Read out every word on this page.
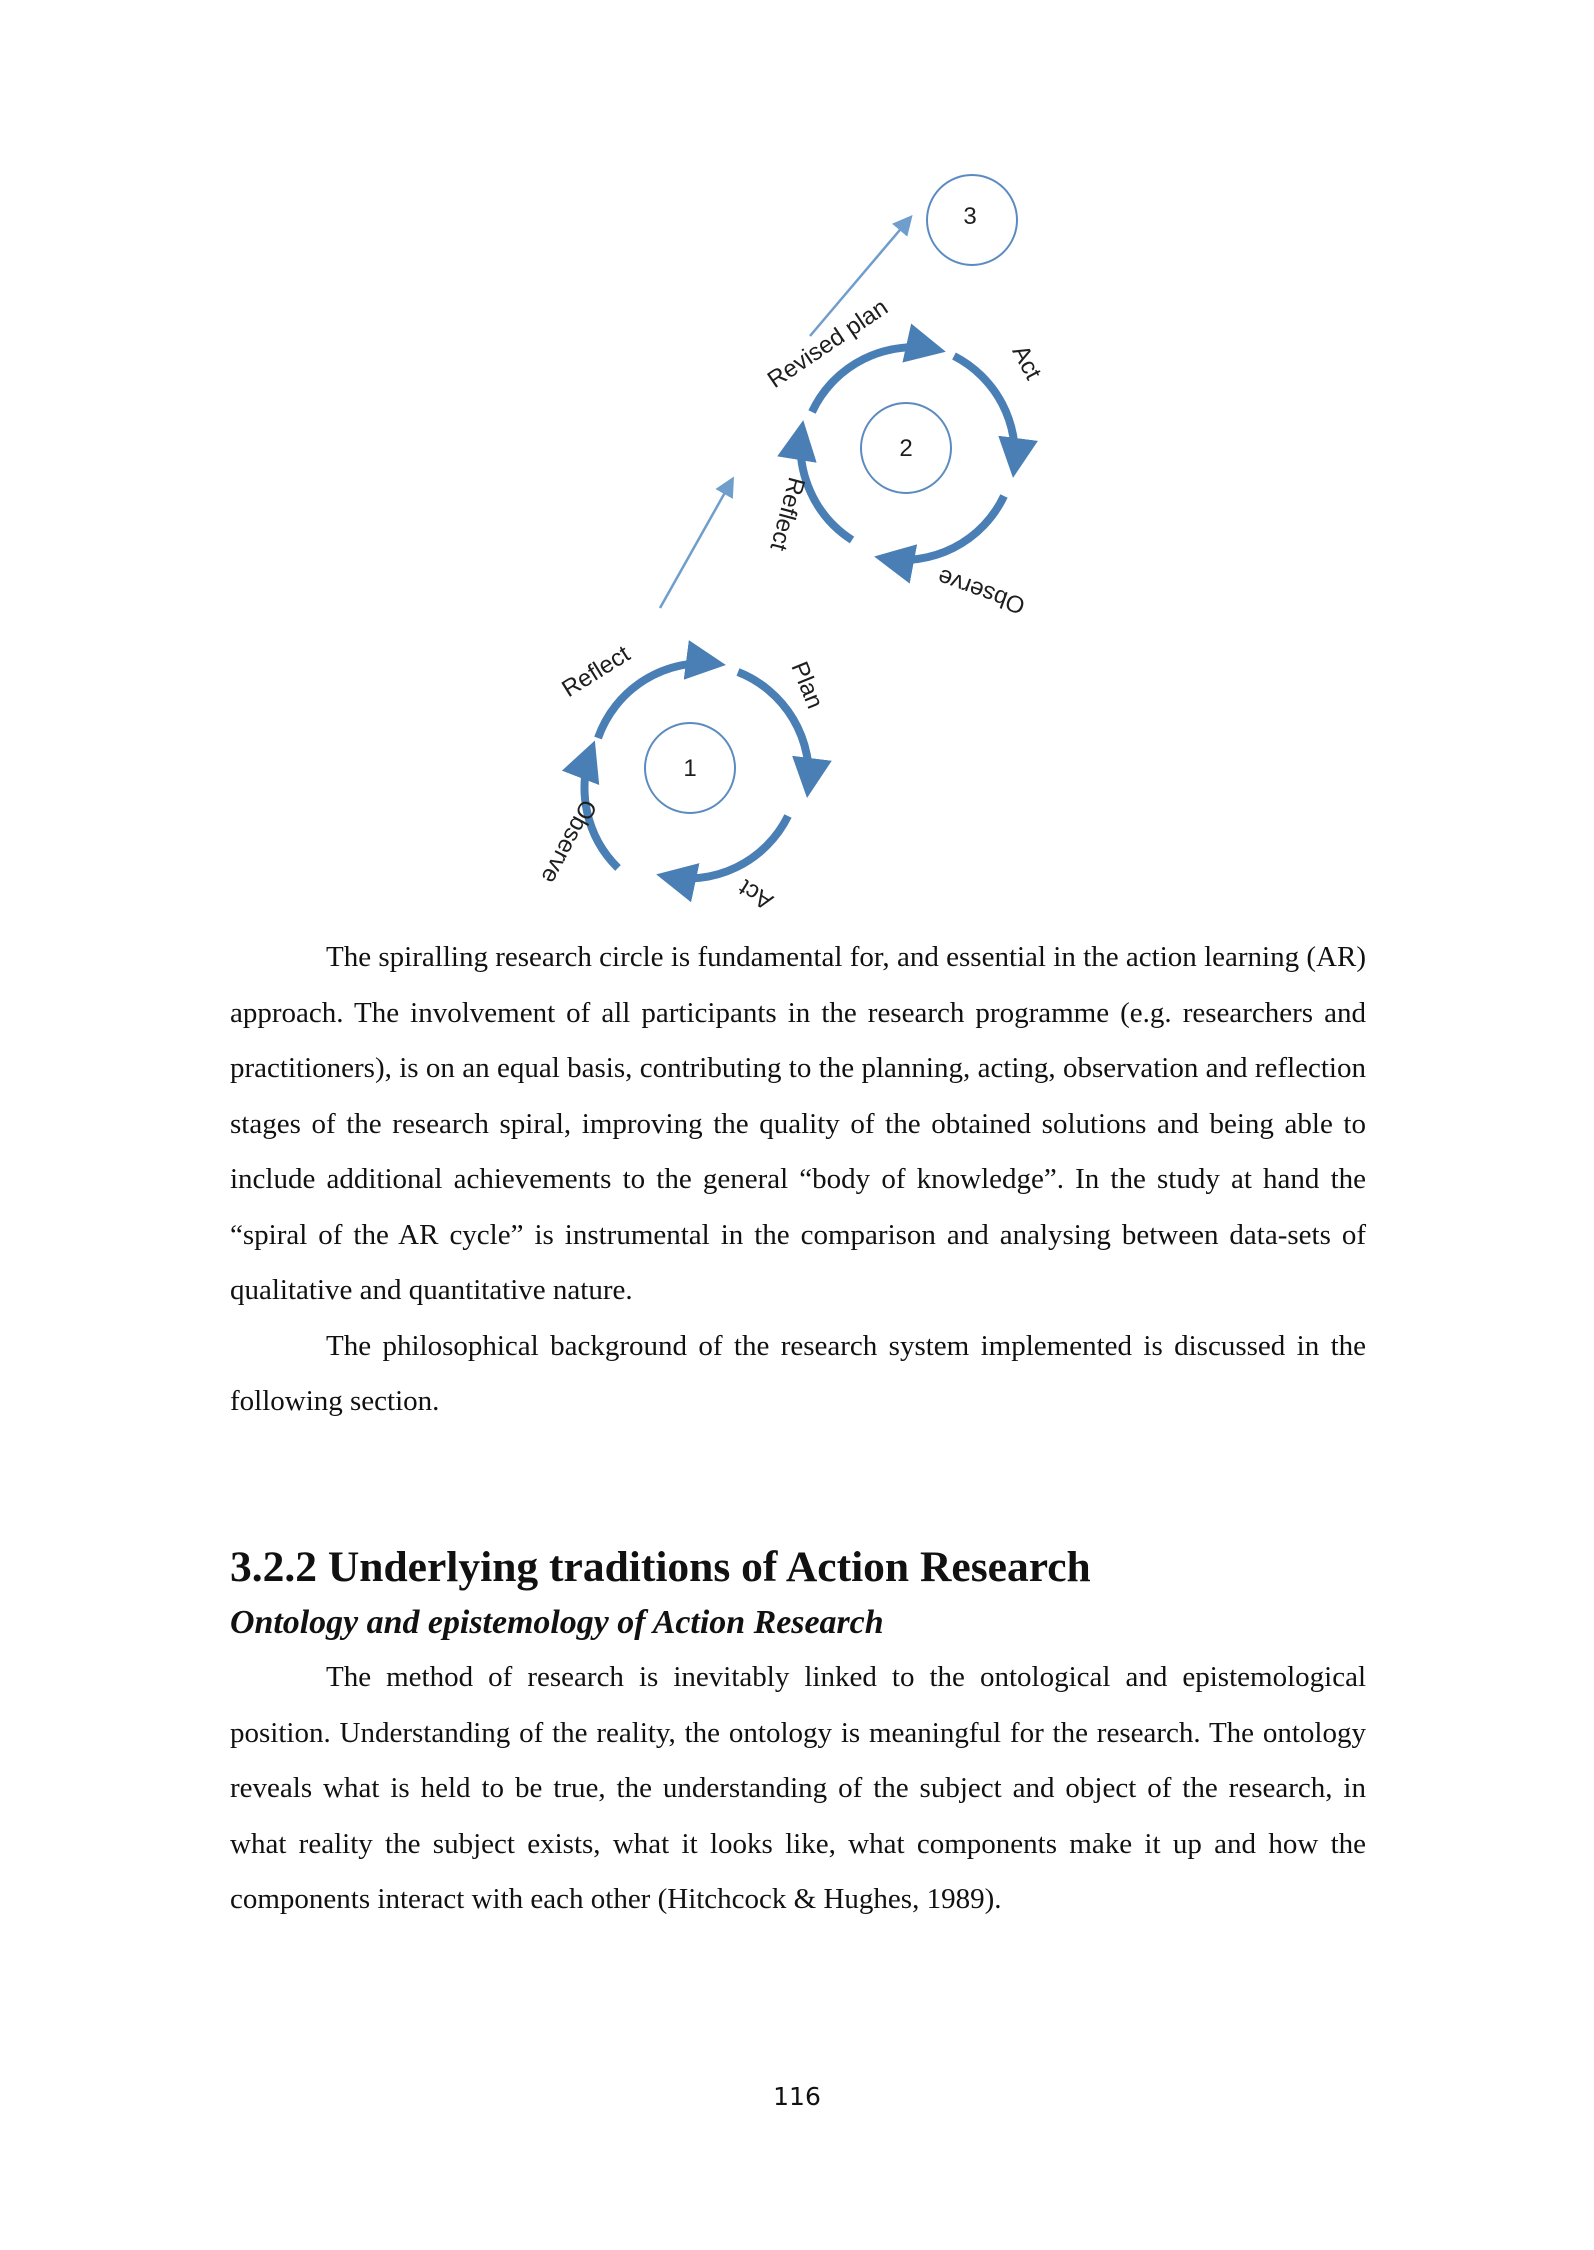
1
Reflect	Plan
Act
Observe
2
Revised plan	Act
Observe
Reflect
3

The spiralling research circle is fundamental for, and essential in the action learning (AR) approach. The involvement of all participants in the research programme (e.g. researchers and practitioners), is on an equal basis, contributing to the planning, acting, observation and reflection stages of the research spiral, improving the quality of the obtained solutions and being able to include additional achievements to the general “body of knowledge”. In the study at hand the “spiral of the AR cycle” is instrumental in the comparison and analysing between data-sets of qualitative and quantitative nature.

The philosophical background of the research system implemented is discussed in the following section.

3.2.2 Underlying traditions of Action Research
Ontology and epistemology of Action Research

The method of research is inevitably linked to the ontological and epistemological position. Understanding of the reality, the ontology is meaningful for the research. The ontology reveals what is held to be true, the understanding of the subject and object of the research, in what reality the subject exists, what it looks like, what components make it up and how the components interact with each other (Hitchcock & Hughes, 1989).

116
